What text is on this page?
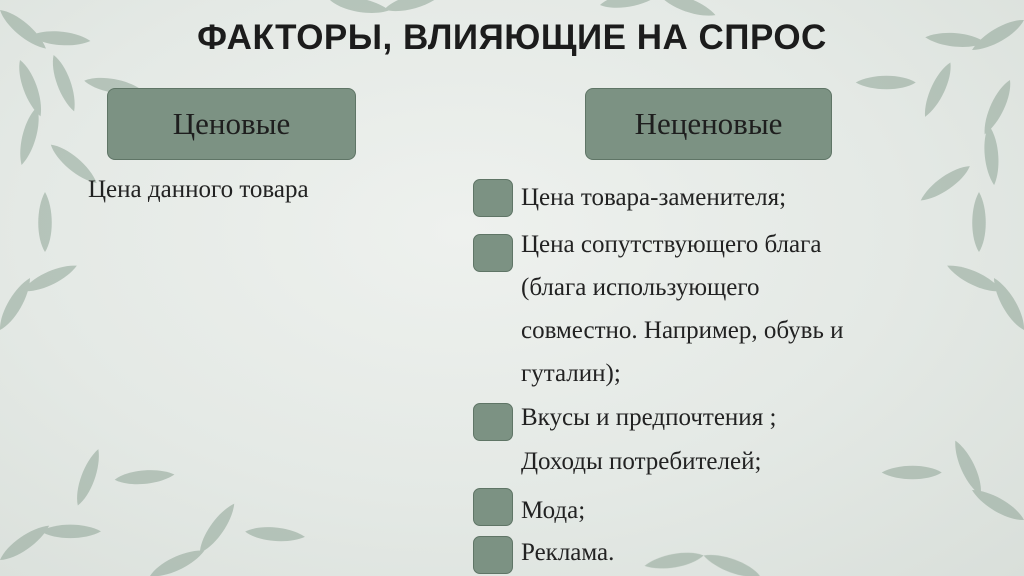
ФАКТОРЫ, ВЛИЯЮЩИЕ НА СПРОС
Ценовые	Неценовые
Цена данного товара	Цена товара-заменителя;
Цена сопутствующего блага
(блага использующего
совместно. Например, обувь и
гуталин);
Вкусы и предпочтения ;
Доходы потребителей;
Мода;
Реклама.
